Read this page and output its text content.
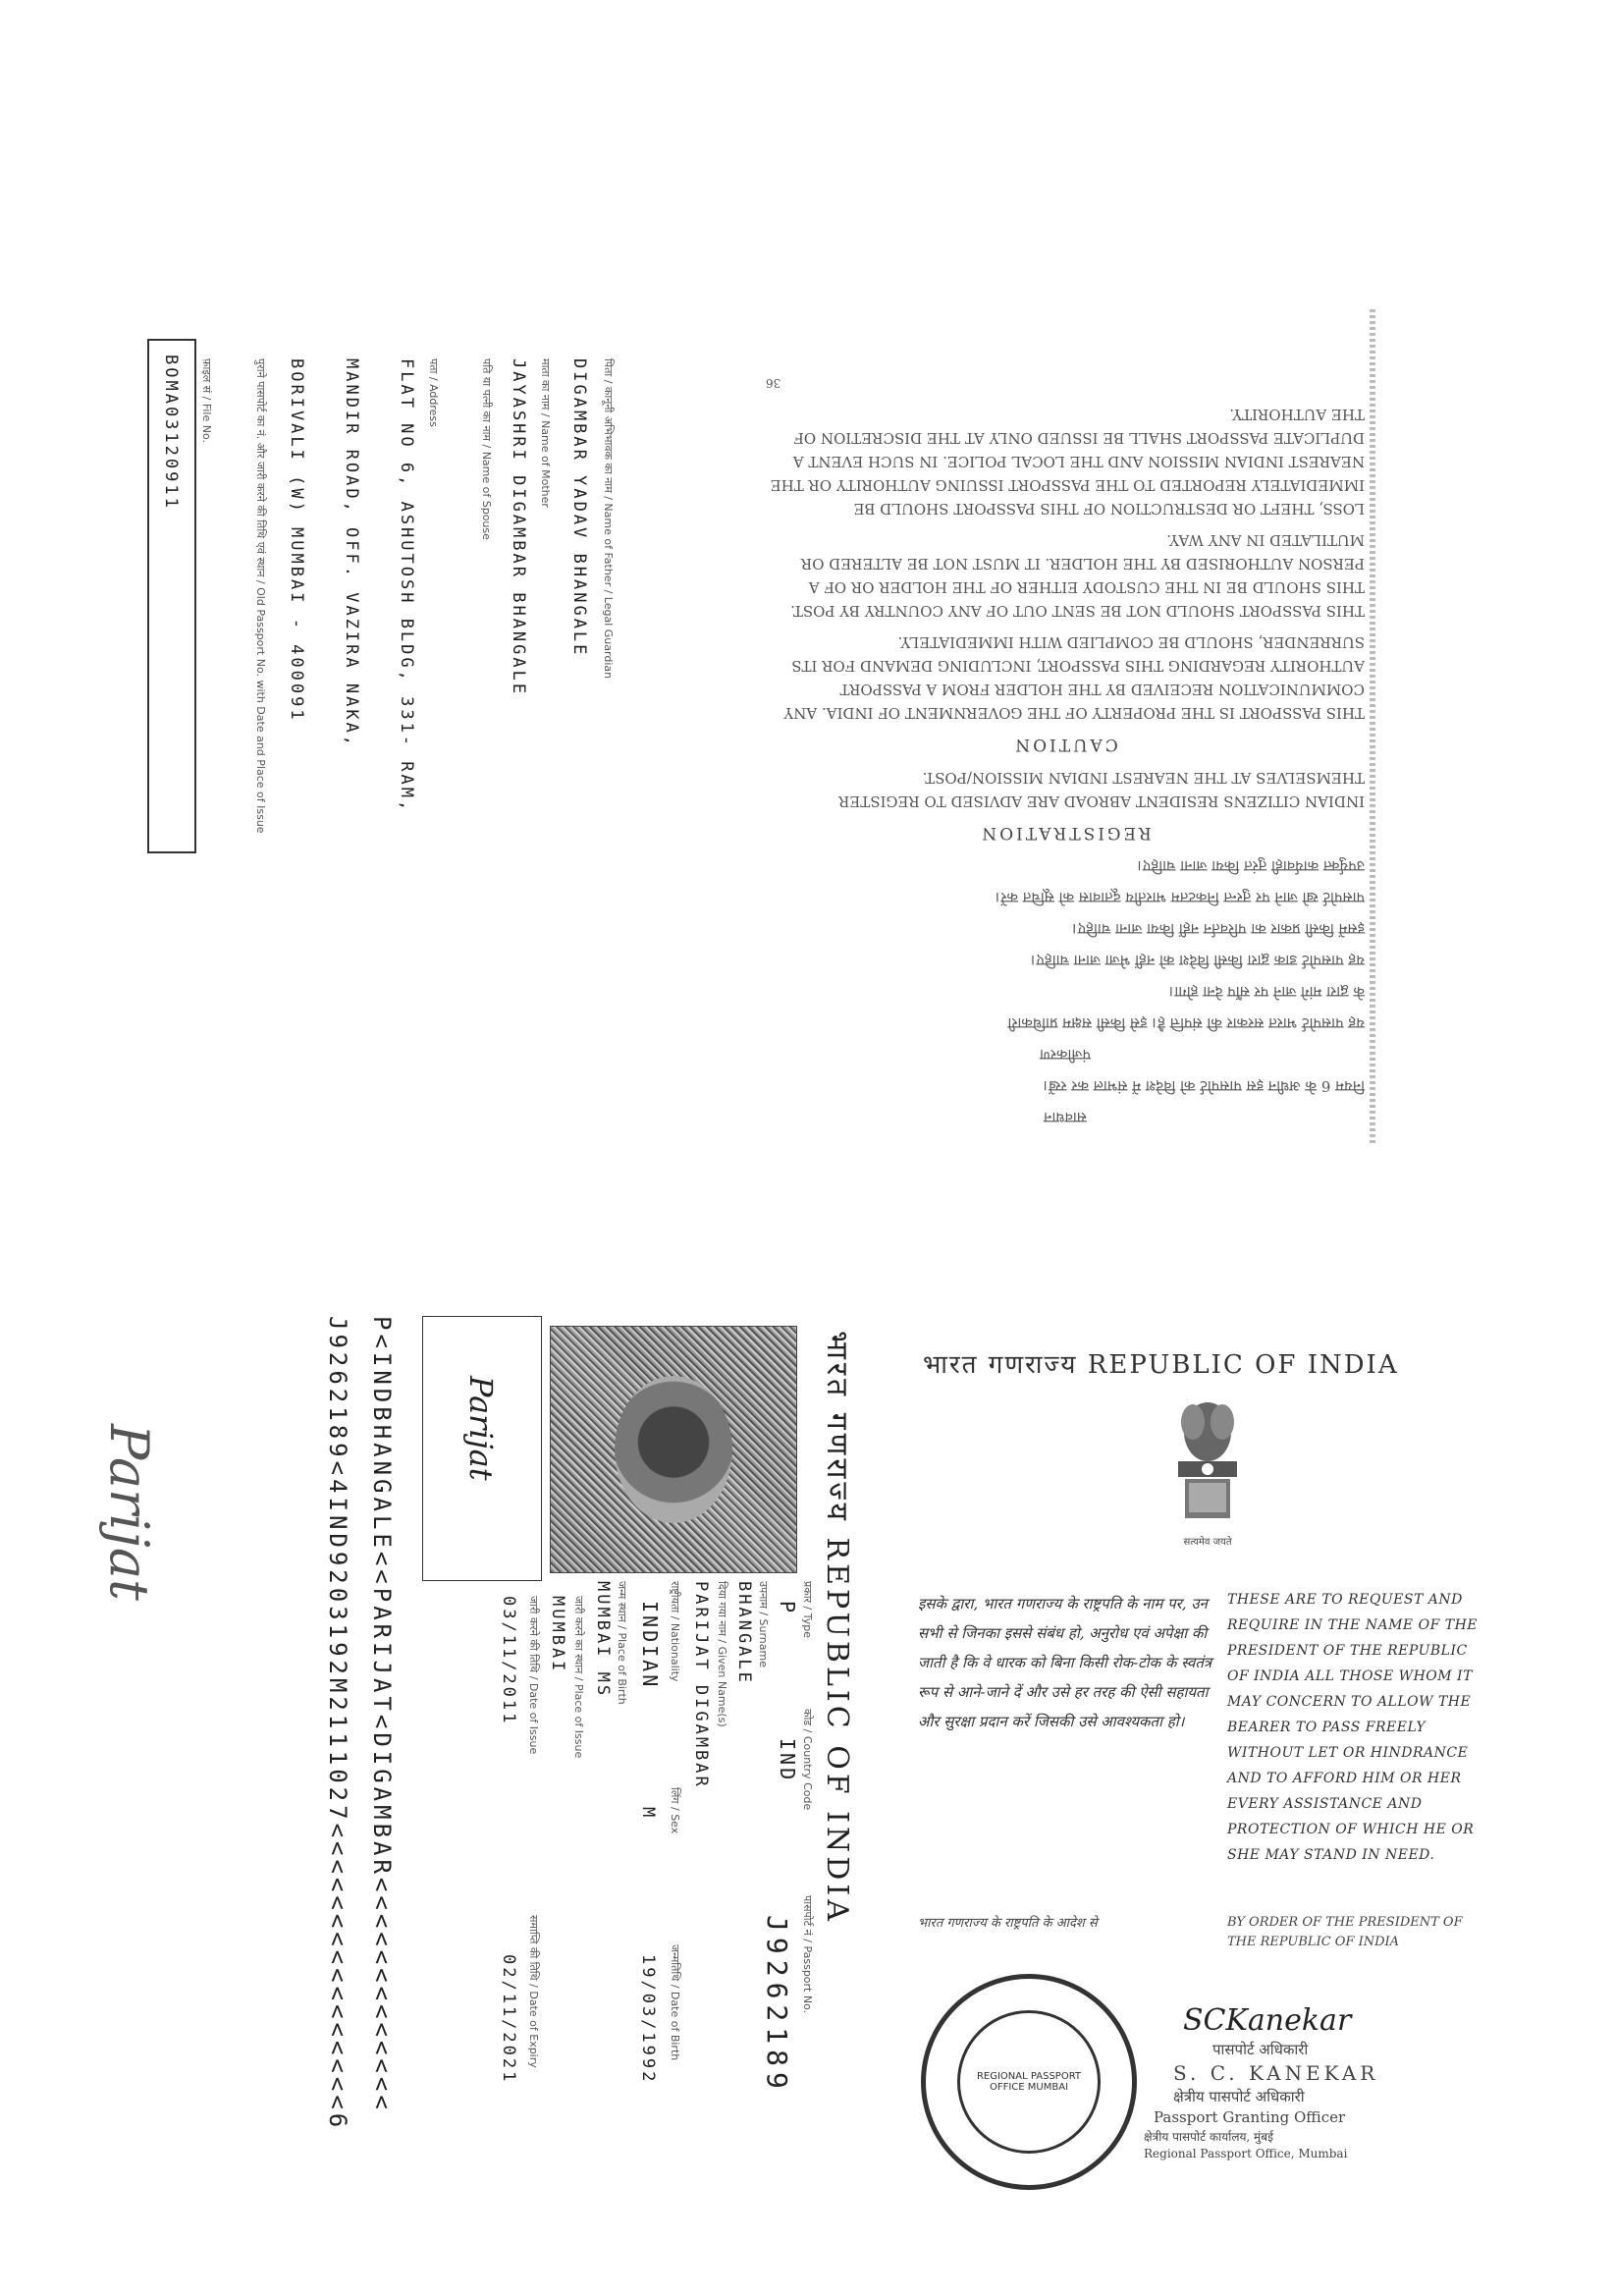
सावधान

नियम 6 के अधीन इस पासपोर्ट को विदेश में संभाल कर रखें।

पंजीकरण

यह पासपोर्ट भारत सरकार की संपत्ति है। इसे किसी सक्षम प्राधिकारी

के द्वारा मांगे जाने पर सौंप देना होगा।

यह पासपोर्ट डाक द्वारा किसी विदेश को नहीं भेजा जाना चाहिए।

इसमें किसी प्रकार का परिवर्तन नहीं किया जाना चाहिए।

पासपोर्ट खो जाने पर तुरन्त निकटतम भारतीय दूतावास को सूचित करें।

उपर्युक्त कार्यवाही तुरंत किया जाना चाहिए।

REGISTRATION

INDIAN CITIZENS RESIDENT ABROAD ARE ADVISED TO REGISTER THEMSELVES AT THE NEAREST INDIAN MISSION/POST.

CAUTION

THIS PASSPORT IS THE PROPERTY OF THE GOVERNMENT OF INDIA. ANY COMMUNICATION RECEIVED BY THE HOLDER FROM A PASSPORT AUTHORITY REGARDING THIS PASSPORT, INCLUDING DEMAND FOR ITS SURRENDER, SHOULD BE COMPLIED WITH IMMEDIATELY.

THIS PASSPORT SHOULD NOT BE SENT OUT OF ANY COUNTRY BY POST. THIS SHOULD BE IN THE CUSTODY EITHER OF THE HOLDER OR OF A PERSON AUTHORISED BY THE HOLDER. IT MUST NOT BE ALTERED OR MUTILATED IN ANY WAY.

LOSS, THEFT OR DESTRUCTION OF THIS PASSPORT SHOULD BE IMMEDIATELY REPORTED TO THE PASSPORT ISSUING AUTHORITY OR THE NEAREST INDIAN MISSION AND THE LOCAL POLICE. IN SUCH EVENT A DUPLICATE PASSPORT SHALL BE ISSUED ONLY AT THE DISCRETION OF THE AUTHORITY.

36
पिता / कानूनी अभिभावक का नाम / Name of Father / Legal Guardian
DIGAMBAR YADAV BHANGALE
माता का नाम / Name of Mother
JAYASHRI DIGAMBAR BHANGALE
पति या पत्नी का नाम / Name of Spouse
पता / Address
FLAT NO 6, ASHUTOSH BLDG, 331- RAM,
MANDIR ROAD, OFF. VAZIRA NAKA,
BORIVALI (W) MUMBAI - 400091
पुराने पासपोर्ट का नं. और जारी करने की तिथि एवं स्थान / Old Passport No. with Date and Place of Issue
फ़ाइल सं / File No.
BOMA03120911
भारत गणराज्य REPUBLIC OF INDIA
सत्यमेव जयते
इसके द्वारा, भारत गणराज्य के राष्ट्रपति के नाम पर, उन सभी से जिनका इससे संबंध हो, अनुरोध एवं अपेक्षा की जाती है कि वे धारक को बिना किसी रोक-टोक के स्वतंत्र रूप से आने-जाने दें और उसे हर तरह की ऐसी सहायता और सुरक्षा प्रदान करें जिसकी उसे आवश्यकता हो।
THESE ARE TO REQUEST AND REQUIRE IN THE NAME OF THE PRESIDENT OF THE REPUBLIC OF INDIA ALL THOSE WHOM IT MAY CONCERN TO ALLOW THE BEARER TO PASS FREELY WITHOUT LET OR HINDRANCE AND TO AFFORD HIM OR HER EVERY ASSISTANCE AND PROTECTION OF WHICH HE OR SHE MAY STAND IN NEED.
भारत गणराज्य के राष्ट्रपति के आदेश से	BY ORDER OF THE PRESIDENT OF THE REPUBLIC OF INDIA
REGIONAL PASSPORT OFFICE MUMBAI
SCKanekar
पासपोर्ट अधिकारी
S. C. KANEKAR
क्षेत्रीय पासपोर्ट अधिकारी
Passport Granting Officer
क्षेत्रीय पासपोर्ट कार्यालय, मुंबई
Regional Passport Office, Mumbai
भारत गणराज्य REPUBLIC OF INDIA
प्रकार / Type
P
कोड / Country Code
IND
पासपोर्ट नं / Passport No.
J9262189
उपनाम / Surname
BHANGALE
दिया गया नाम / Given Name(s)
PARIJAT DIGAMBAR
राष्ट्रीयता / Nationality
INDIAN
लिंग / Sex
M
जन्मतिथि / Date of Birth
19/03/1992
जन्म स्थान / Place of Birth
MUMBAI MS
जारी करने का स्थान / Place of Issue
MUMBAI
जारी करने की तिथि / Date of Issue
03/11/2011
समाप्ति की तिथि / Date of Expiry
02/11/2021
Parijat
P<INDBHANGALE<<PARIJAT<DIGAMBAR<<<<<<<<<<<<<
J9262189<4IND9203192M2111027<<<<<<<<<<<<<<<<6
Parijat
